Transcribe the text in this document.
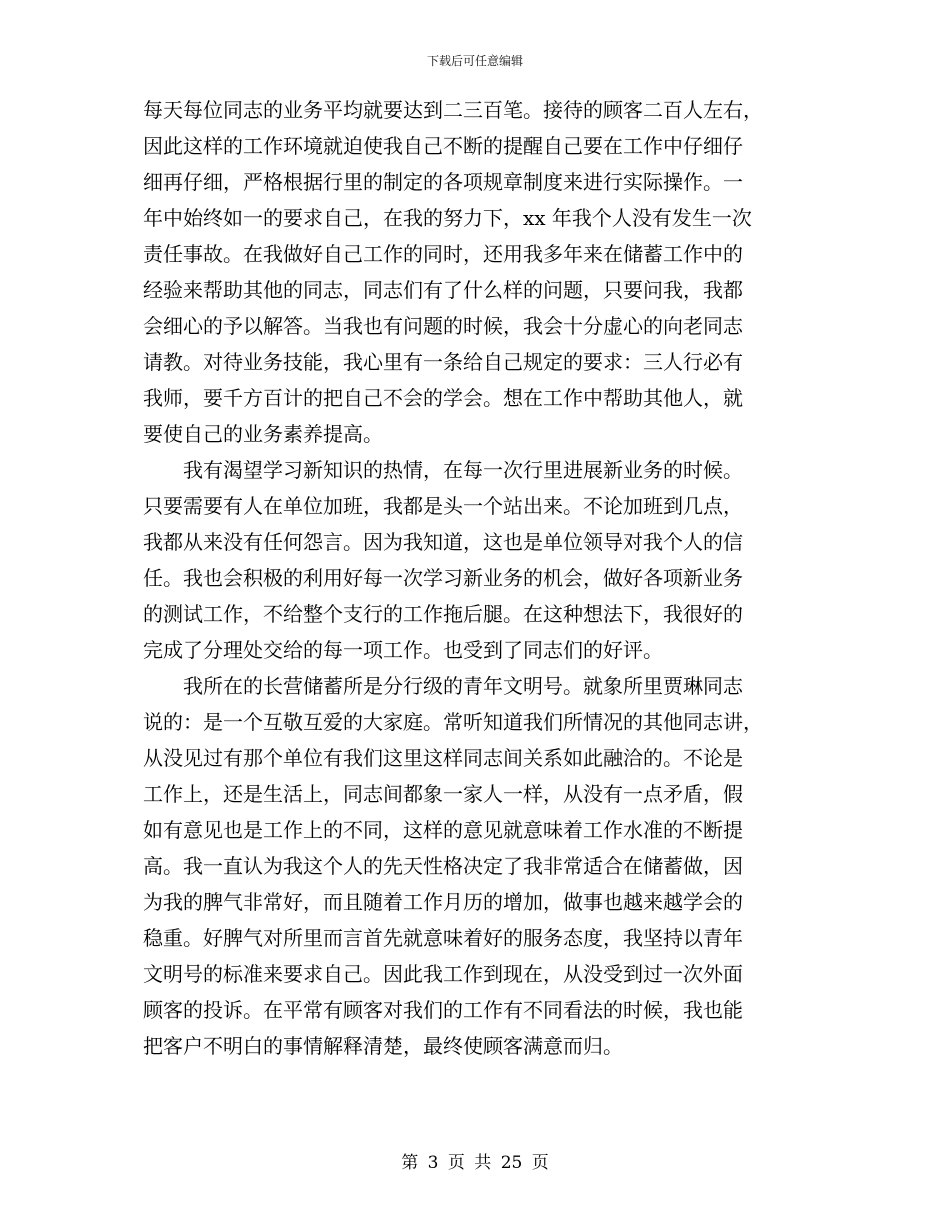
下载后可任意编辑
每天每位同志的业务平均就要达到二三百笔。接待的顾客二百人左右，
因此这样的工作环境就迫使我自己不断的提醒自己要在工作中仔细仔
细再仔细，严格根据行里的制定的各项规章制度来进行实际操作。一
年中始终如一的要求自己，在我的努力下，xx 年我个人没有发生一次
责任事故。在我做好自己工作的同时，还用我多年来在储蓄工作中的
经验来帮助其他的同志，同志们有了什么样的问题，只要问我，我都
会细心的予以解答。当我也有问题的时候，我会十分虚心的向老同志
请教。对待业务技能，我心里有一条给自己规定的要求：三人行必有
我师，要千方百计的把自己不会的学会。想在工作中帮助其他人，就
要使自己的业务素养提高。
　　我有渴望学习新知识的热情，在每一次行里进展新业务的时候。
只要需要有人在单位加班，我都是头一个站出来。不论加班到几点，
我都从来没有任何怨言。因为我知道，这也是单位领导对我个人的信
任。我也会积极的利用好每一次学习新业务的机会，做好各项新业务
的测试工作，不给整个支行的工作拖后腿。在这种想法下，我很好的
完成了分理处交给的每一项工作。也受到了同志们的好评。
　　我所在的长营储蓄所是分行级的青年文明号。就象所里贾琳同志
说的：是一个互敬互爱的大家庭。常听知道我们所情况的其他同志讲，
从没见过有那个单位有我们这里这样同志间关系如此融洽的。不论是
工作上，还是生活上，同志间都象一家人一样，从没有一点矛盾，假
如有意见也是工作上的不同，这样的意见就意味着工作水准的不断提
高。我一直认为我这个人的先天性格决定了我非常适合在储蓄做，因
为我的脾气非常好，而且随着工作月历的增加，做事也越来越学会的
稳重。好脾气对所里而言首先就意味着好的服务态度，我坚持以青年
文明号的标准来要求自己。因此我工作到现在，从没受到过一次外面
顾客的投诉。在平常有顾客对我们的工作有不同看法的时候，我也能
把客户不明白的事情解释清楚，最终使顾客满意而归。
第 3 页 共 25 页
